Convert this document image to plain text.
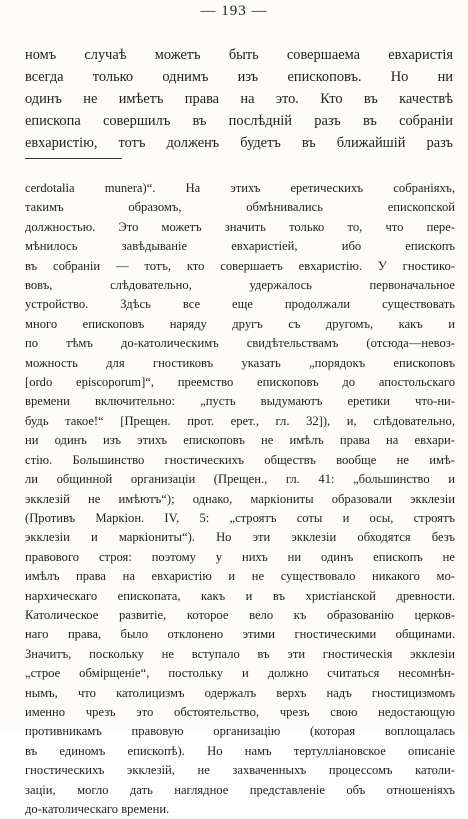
— 193 —
номъ случаѣ можетъ быть совершаема евхаристія
всегда только однимъ изъ епископовъ. Но ни
одинъ не имѣетъ права на это. Кто въ качествѣ
епископа совершилъ въ послѣдній разъ въ собраніи
евхаристію, тотъ долженъ будетъ въ ближайшій разъ
cerdotalia munera)“. На этихъ еретическихъ собраніяхъ,
такимъ образомъ, обмѣнивались епископской
должностью. Это можетъ значить только то, что пере-
мѣнилось завѣдываніе евхаристіей, ибо епископъ
въ собраніи — тотъ, кто совершаетъ евхаристію. У гностико-
вовъ, слѣдовательно, удержалось первоначальное
устройство. Здѣсь все еще продолжали существовать
много епископовъ наряду другъ съ другомъ, какъ и
по тѣмъ до-католическимъ свидѣтельствамъ (отсюда—невоз-
можность для гностиковъ указать „порядокъ епископовъ
[ordo episcoporum]“, преемство епископовъ до апостольскаго
времени включительно: „пусть выдумаютъ еретики что-ни-
будь такое!“ [Прещен. прот. ерет., гл. 32]), и, слѣдовательно,
ни одинъ изъ этихъ епископовъ не имѣлъ права на евхари-
стію. Большинство гностическихъ обществъ вообще не имѣ-
ли общинной организаціи (Прещен., гл. 41: „большинство и
экклезій не имѣютъ“); однако, маркіониты образовали экклезіи
(Противъ Маркіон. IV, 5: „строятъ соты и осы, строятъ
экклезіи и маркіониты“). Но эти экклезіи обходятся безъ
правового строя: поэтому у нихъ ни одинъ епископъ не
имѣлъ права на евхаристію и не существовало никакого мо-
нархическаго епископата, какъ и въ христіанской древности.
Католическое развитіе, которое вело къ образованію церков-
наго права, было отклонено этими гностическими общинами.
Значитъ, поскольку не вступало въ эти гностическія экклезіи
„строе обмірщеніе“, постольку и должно считаться несомнѣн-
нымъ, что католицизмъ одержалъ верхъ надъ гностицизмомъ
именно чрезъ это обстоятельство, чрезъ свою недостающую
противникамъ правовую организацію (которая воплощалась
въ единомъ епископѣ). Но намъ тертулліановское описаніе
гностическихъ экклезій, не захваченныхъ процессомъ католи-
заціи, могло дать наглядное представленіе объ отношеніяхъ
до-католическаго времени.
